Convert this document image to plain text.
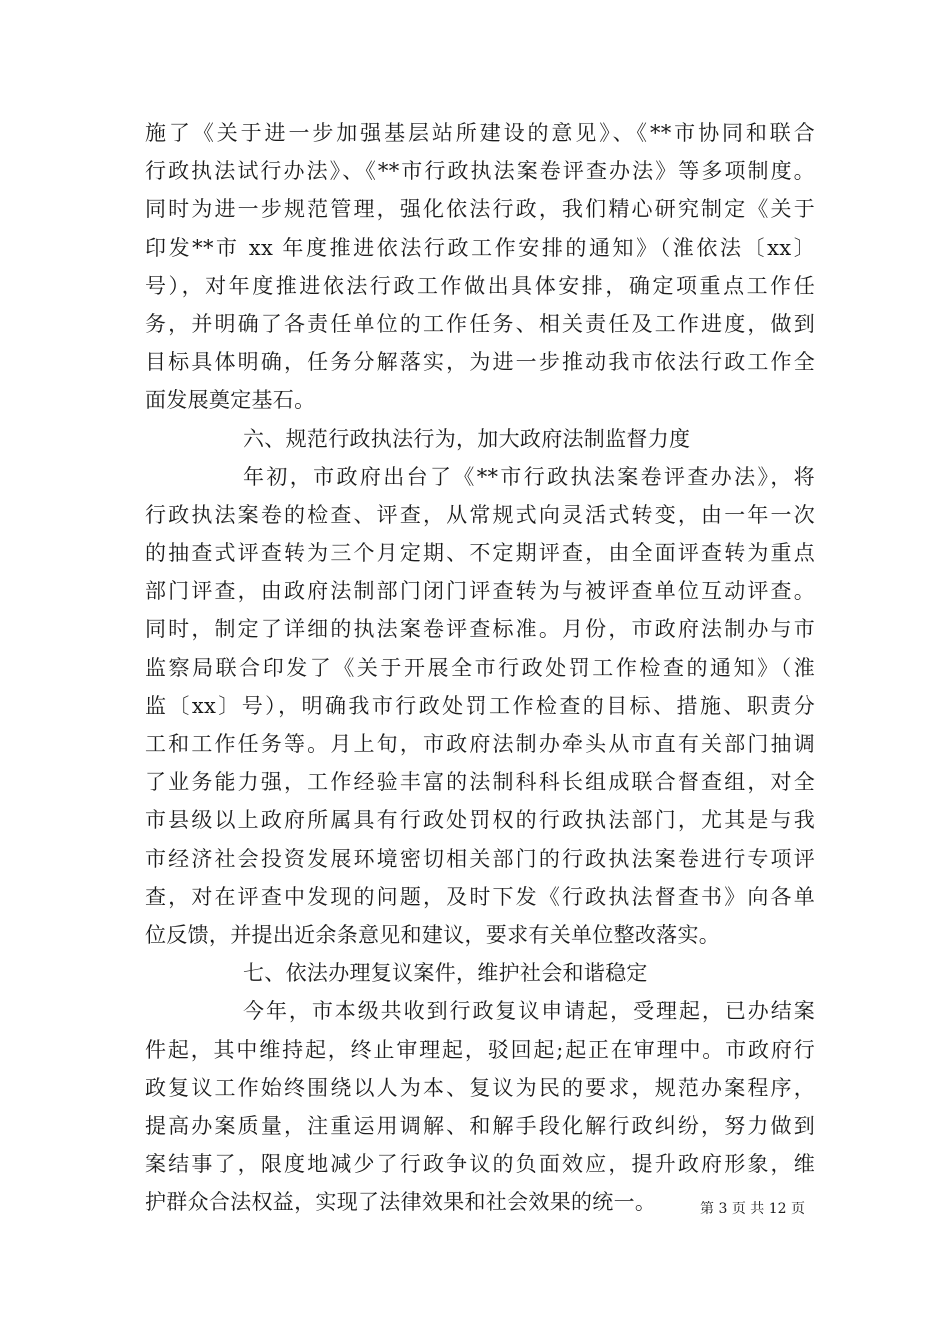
施了《关于进一步加强基层站所建设的意见》、《**市协同和联合
行政执法试行办法》、《**市行政执法案卷评查办法》等多项制度。
同时为进一步规范管理，强化依法行政，我们精心研究制定《关于
印发**市 xx 年度推进依法行政工作安排的通知》（淮依法〔xx〕
号），对年度推进依法行政工作做出具体安排，确定项重点工作任
务，并明确了各责任单位的工作任务、相关责任及工作进度，做到
目标具体明确，任务分解落实，为进一步推动我市依法行政工作全
面发展奠定基石。
六、规范行政执法行为，加大政府法制监督力度
年初，市政府出台了《**市行政执法案卷评查办法》，将
行政执法案卷的检查、评查，从常规式向灵活式转变，由一年一次
的抽查式评查转为三个月定期、不定期评查，由全面评查转为重点
部门评查，由政府法制部门闭门评查转为与被评查单位互动评查。
同时，制定了详细的执法案卷评查标准。月份，市政府法制办与市
监察局联合印发了《关于开展全市行政处罚工作检查的通知》（淮
监〔xx〕号），明确我市行政处罚工作检查的目标、措施、职责分
工和工作任务等。月上旬，市政府法制办牵头从市直有关部门抽调
了业务能力强，工作经验丰富的法制科科长组成联合督查组，对全
市县级以上政府所属具有行政处罚权的行政执法部门，尤其是与我
市经济社会投资发展环境密切相关部门的行政执法案卷进行专项评
查，对在评查中发现的问题，及时下发《行政执法督查书》向各单
位反馈，并提出近余条意见和建议，要求有关单位整改落实。
七、依法办理复议案件，维护社会和谐稳定
今年，市本级共收到行政复议申请起，受理起，已办结案
件起，其中维持起，终止审理起，驳回起;起正在审理中。市政府行
政复议工作始终围绕以人为本、复议为民的要求，规范办案程序，
提高办案质量，注重运用调解、和解手段化解行政纠纷，努力做到
案结事了，限度地减少了行政争议的负面效应，提升政府形象，维
护群众合法权益，实现了法律效果和社会效果的统一。	第 3 页 共 12 页
